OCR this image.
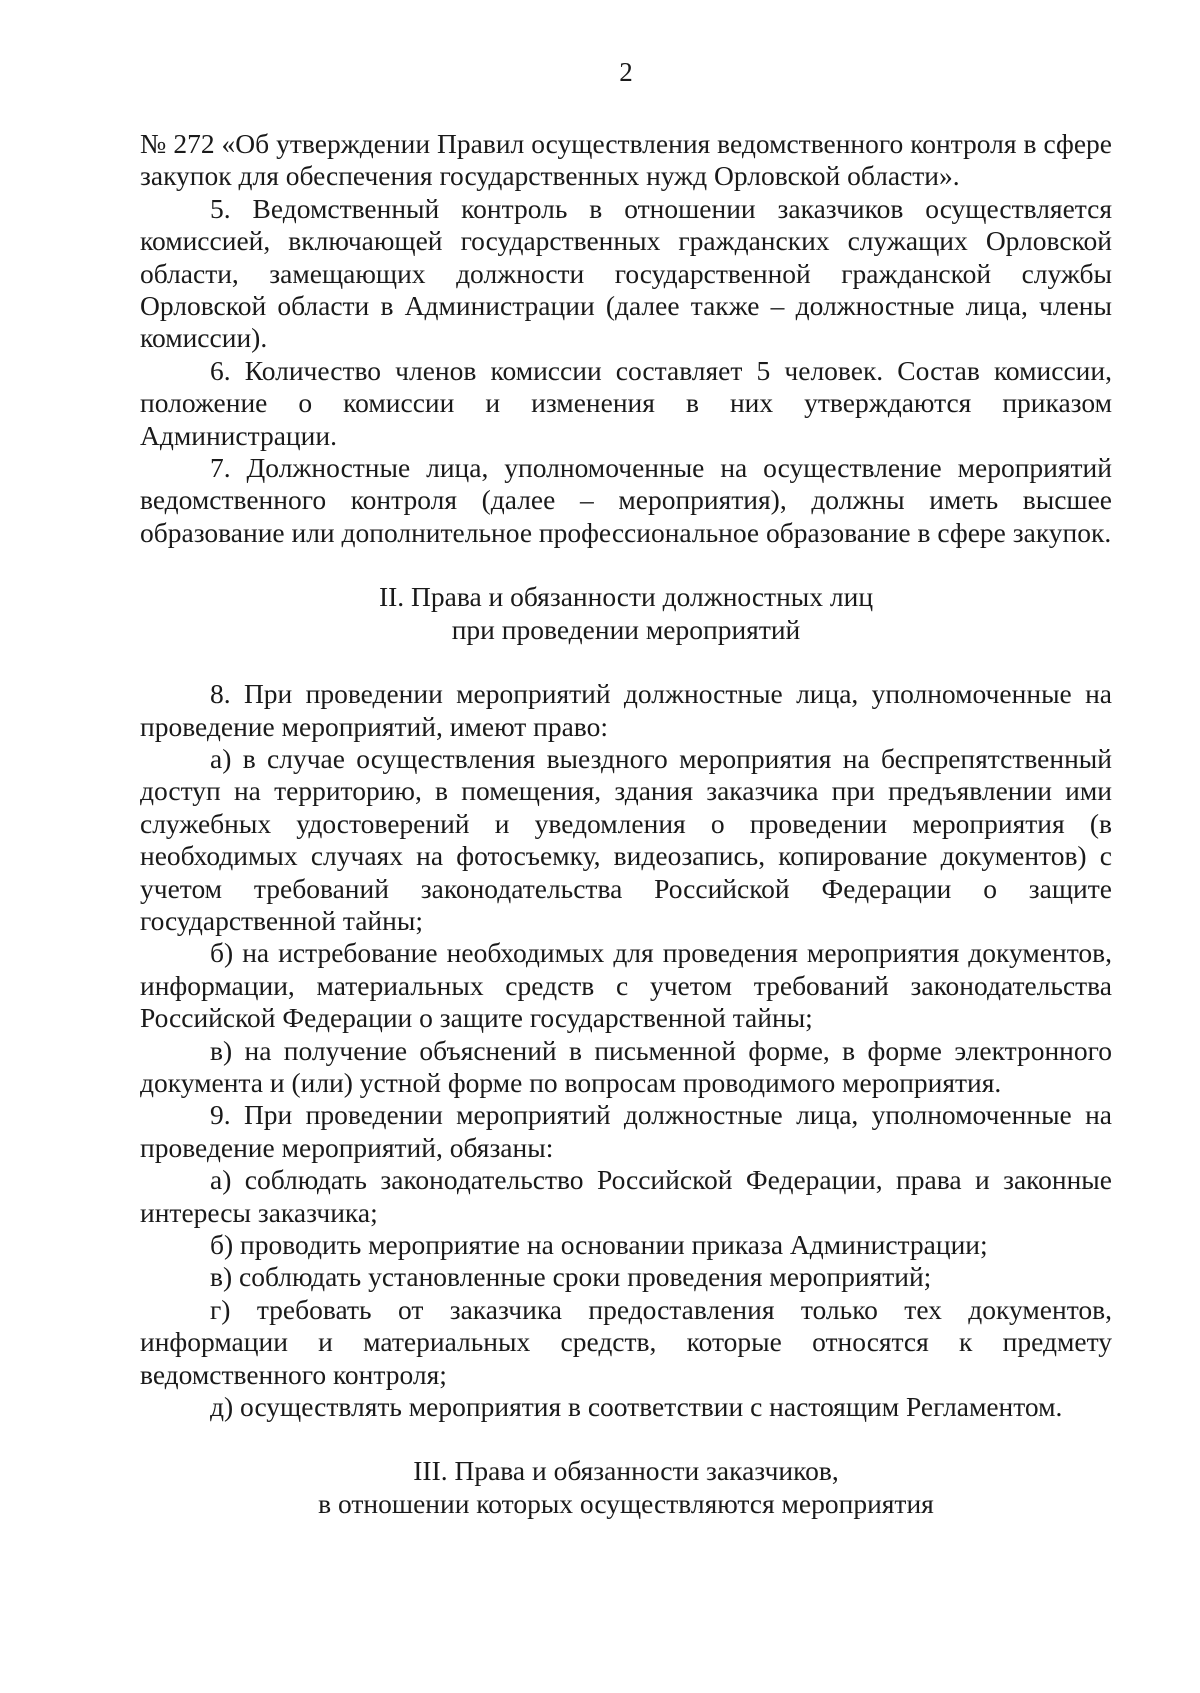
2

№ 272 «Об утверждении Правил осуществления ведомственного контроля в сфере закупок для обеспечения государственных нужд Орловской области».

5. Ведомственный контроль в отношении заказчиков осуществляется комиссией, включающей государственных гражданских служащих Орловской области, замещающих должности государственной гражданской службы Орловской области в Администрации (далее также – должностные лица, члены комиссии).

6. Количество членов комиссии составляет 5 человек. Состав комиссии, положение о комиссии и изменения в них утверждаются приказом Администрации.

7. Должностные лица, уполномоченные на осуществление мероприятий ведомственного контроля (далее – мероприятия), должны иметь высшее образование или дополнительное профессиональное образование в сфере закупок.

II. Права и обязанности должностных лиц
при проведении мероприятий

8. При проведении мероприятий должностные лица, уполномоченные на проведение мероприятий, имеют право:

а) в случае осуществления выездного мероприятия на беспрепятственный доступ на территорию, в помещения, здания заказчика при предъявлении ими служебных удостоверений и уведомления о проведении мероприятия (в необходимых случаях на фотосъемку, видеозапись, копирование документов) с учетом требований законодательства Российской Федерации о защите государственной тайны;

б) на истребование необходимых для проведения мероприятия документов, информации, материальных средств с учетом требований законодательства Российской Федерации о защите государственной тайны;

в) на получение объяснений в письменной форме, в форме электронного документа и (или) устной форме по вопросам проводимого мероприятия.

9. При проведении мероприятий должностные лица, уполномоченные на проведение мероприятий, обязаны:

а) соблюдать законодательство Российской Федерации, права и законные интересы заказчика;

б) проводить мероприятие на основании приказа Администрации;

в) соблюдать установленные сроки проведения мероприятий;

г) требовать от заказчика предоставления только тех документов, информации и материальных средств, которые относятся к предмету ведомственного контроля;

д) осуществлять мероприятия в соответствии с настоящим Регламентом.

III. Права и обязанности заказчиков,
в отношении которых осуществляются мероприятия
